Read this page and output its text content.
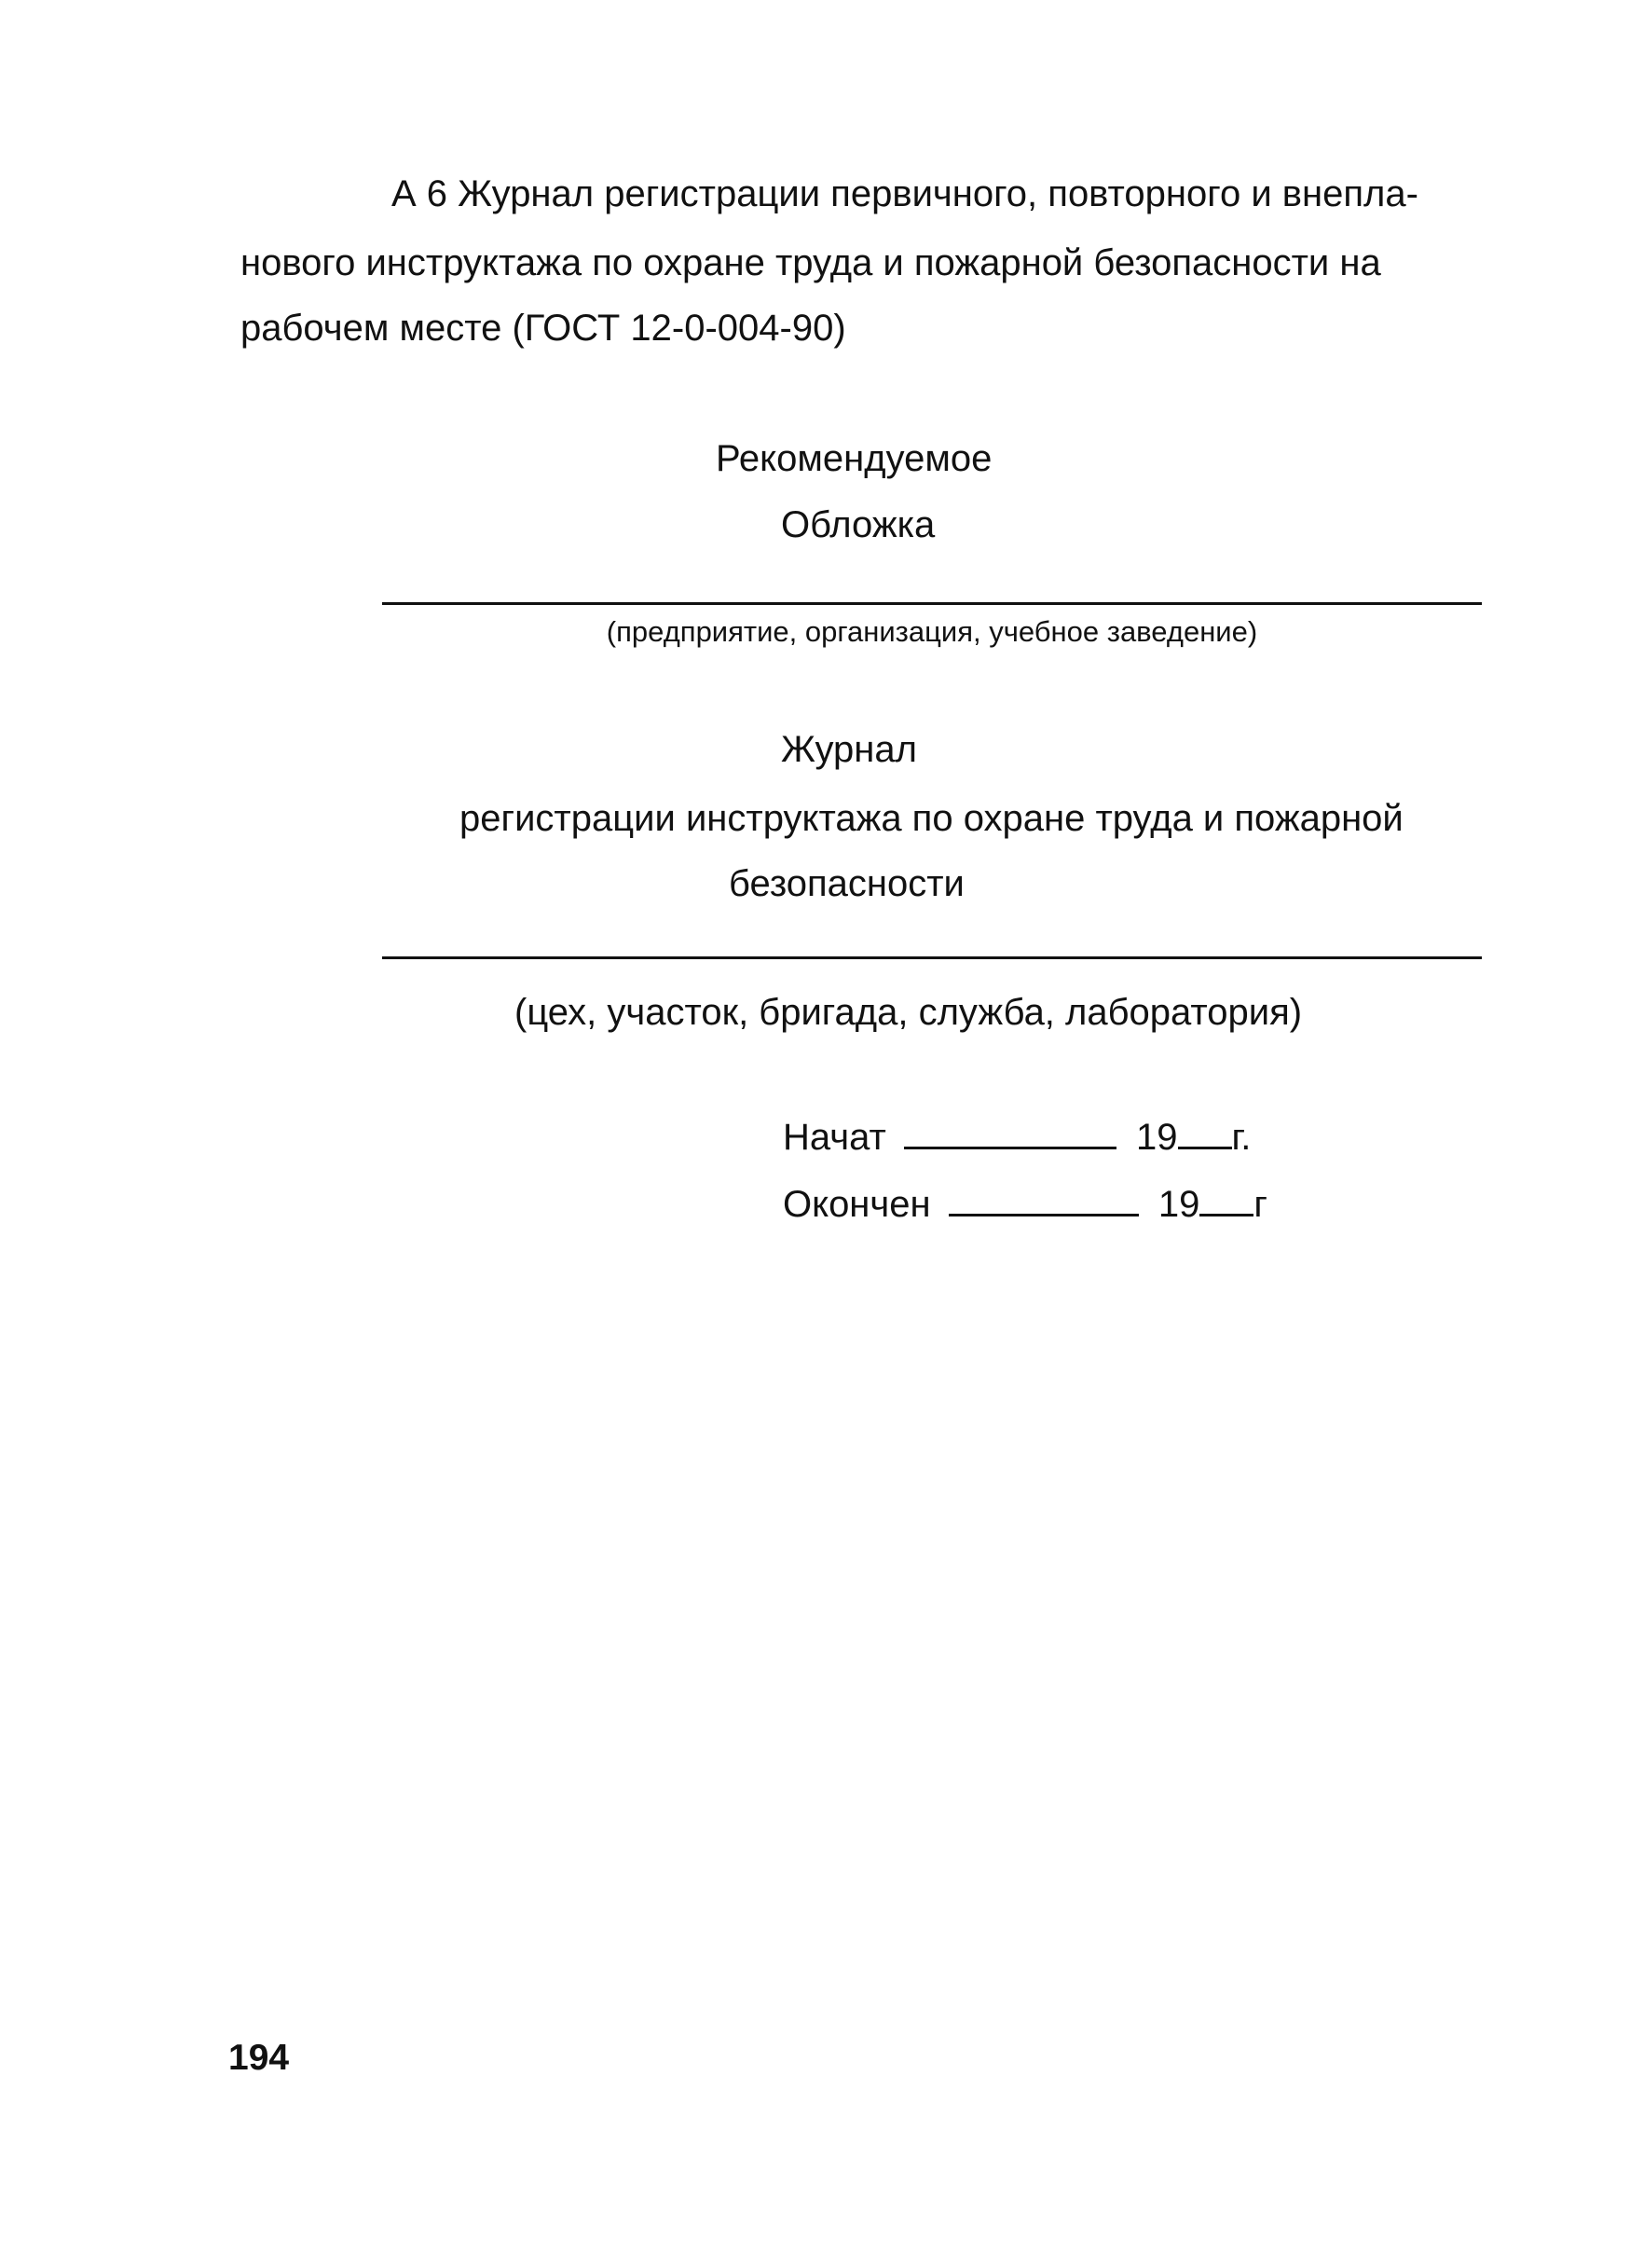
А 6 Журнал регистрации первичного, повторного и внепла-
нового инструктажа по охране труда и пожарной безопасности на
рабочем месте (ГОСТ 12-0-004-90)
Рекомендуемое
Обложка
(предприятие, организация, учебное заведение)
Журнал
регистрации инструктажа по охране труда и пожарной
безопасности
(цех, участок, бригада, служба, лаборатория)
Начат	19 г.
Окончен	19 г
194
